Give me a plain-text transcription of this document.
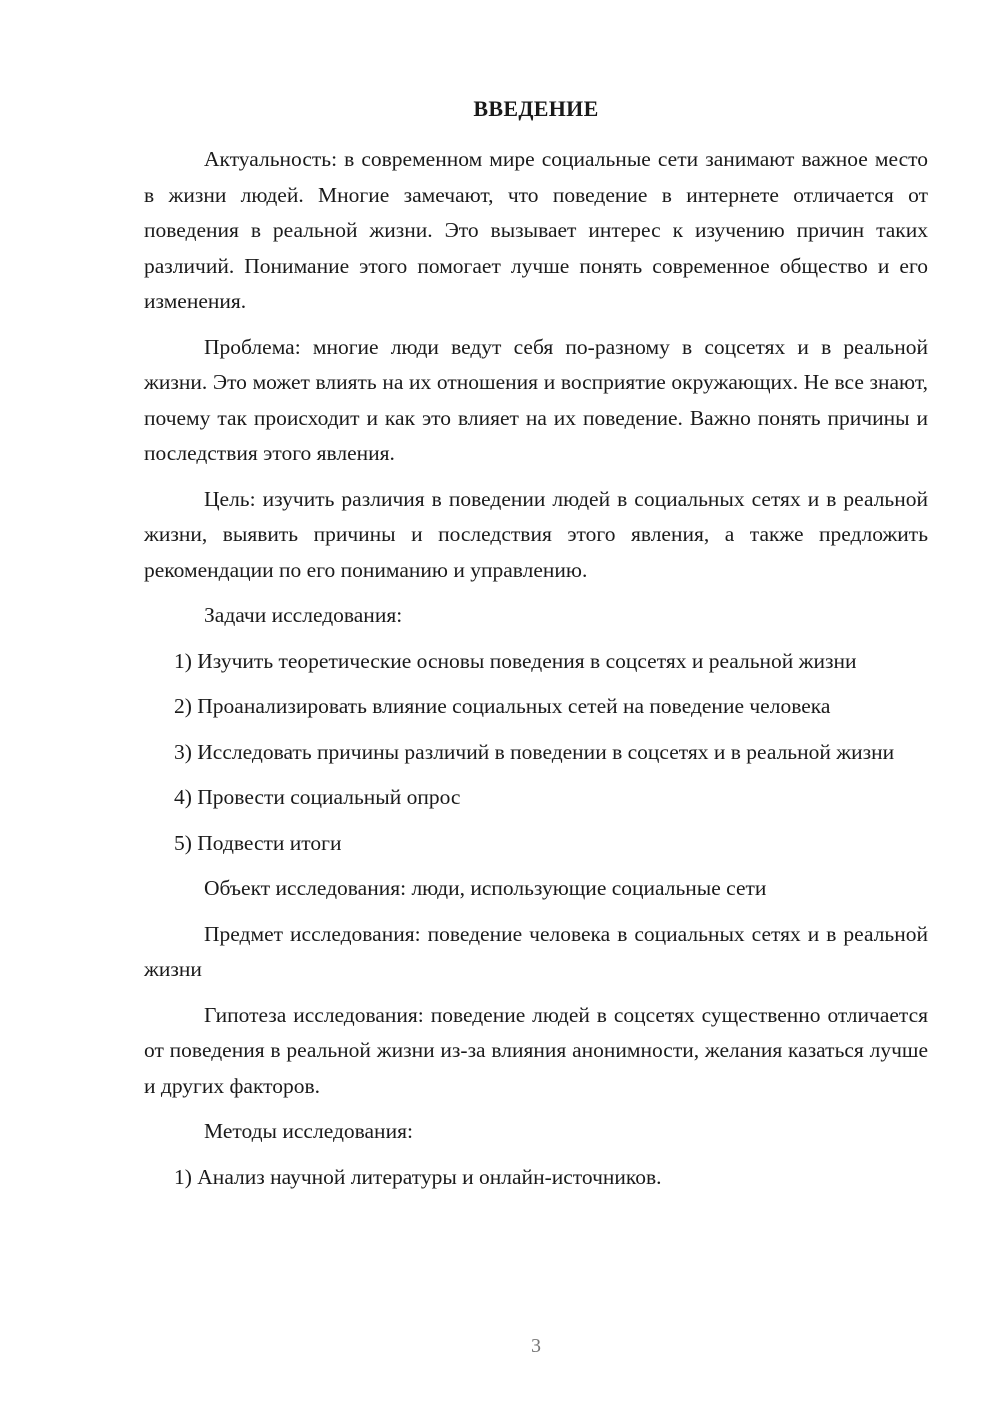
ВВЕДЕНИЕ

Актуальность: в современном мире социальные сети занимают важное место в жизни людей. Многие замечают, что поведение в интернете отличается от поведения в реальной жизни. Это вызывает интерес к изучению причин таких различий. Понимание этого помогает лучше понять современное общество и его изменения.

Проблема: многие люди ведут себя по-разному в соцсетях и в реальной жизни. Это может влиять на их отношения и восприятие окружающих. Не все знают, почему так происходит и как это влияет на их поведение. Важно понять причины и последствия этого явления.

Цель: изучить различия в поведении людей в социальных сетях и в реальной жизни, выявить причины и последствия этого явления, а также предложить рекомендации по его пониманию и управлению.

Задачи исследования:

1) Изучить теоретические основы поведения в соцсетях и реальной жизни

2) Проанализировать влияние социальных сетей на поведение человека

3) Исследовать причины различий в поведении в соцсетях и в реальной жизни

4) Провести социальный опрос

5) Подвести итоги

Объект исследования: люди, использующие социальные сети

Предмет исследования: поведение человека в социальных сетях и в реальной жизни

Гипотеза исследования: поведение людей в соцсетях существенно отличается от поведения в реальной жизни из-за влияния анонимности, желания казаться лучше и других факторов.

Методы исследования:

1) Анализ научной литературы и онлайн-источников.

3
